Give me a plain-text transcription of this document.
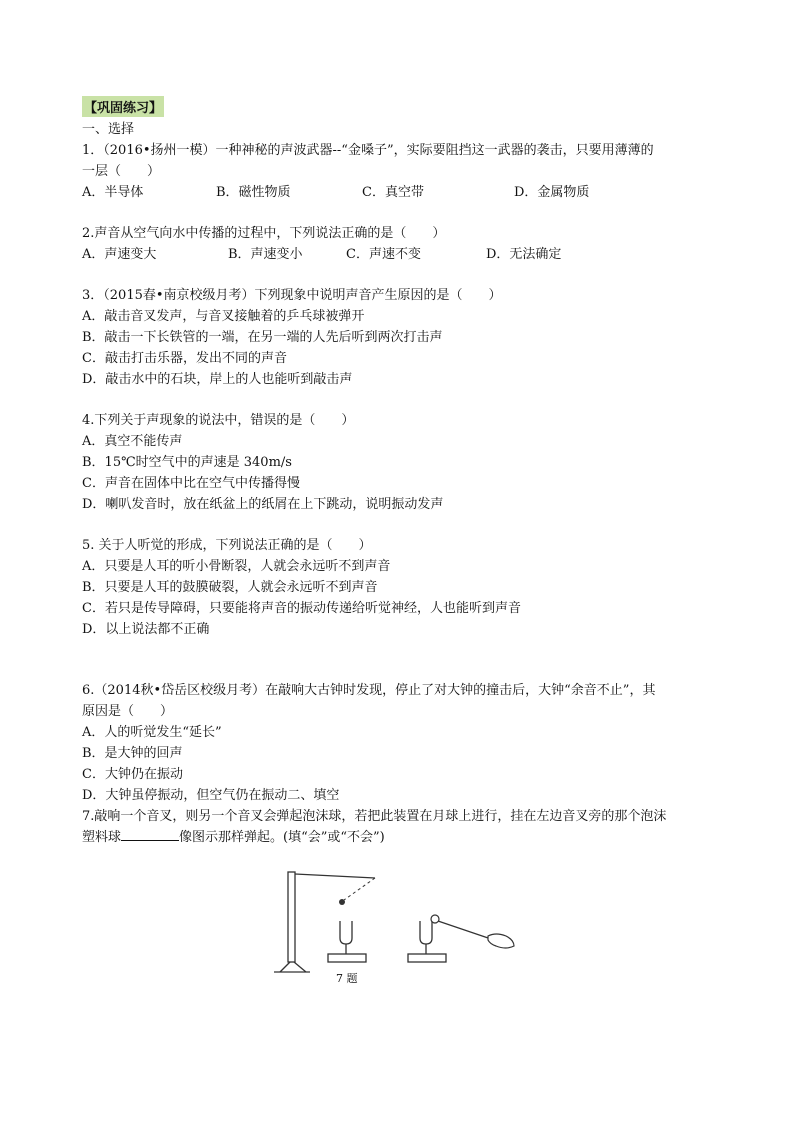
【巩固练习】
一、选择
1．（2016•扬州一模）一种神秘的声波武器--“金嗓子”，实际要阻挡这一武器的袭击，只要用薄薄的
一层（　　）
A．半导体	B．磁性物质	C．真空带	D．金属物质
2.声音从空气向水中传播的过程中，下列说法正确的是（　　）
A．声速变大	B．声速变小	C．声速不变	D．无法确定
3．（2015春•南京校级月考）下列现象中说明声音产生原因的是（　　）
A．敲击音叉发声，与音叉接触着的乒乓球被弹开
B．敲击一下长铁管的一端，在另一端的人先后听到两次打击声
C．敲击打击乐器，发出不同的声音
D．敲击水中的石块，岸上的人也能听到敲击声
4.下列关于声现象的说法中，错误的是（　　）
A．真空不能传声
B．15℃时空气中的声速是 340m/s
C．声音在固体中比在空气中传播得慢
D．喇叭发音时，放在纸盆上的纸屑在上下跳动，说明振动发声
5. 关于人听觉的形成，下列说法正确的是（　　）
A．只要是人耳的听小骨断裂，人就会永远听不到声音
B．只要是人耳的鼓膜破裂，人就会永远听不到声音
C．若只是传导障碍，只要能将声音的振动传递给听觉神经，人也能听到声音
D．以上说法都不正确
6.（2014秋•岱岳区校级月考）在敲响大古钟时发现，停止了对大钟的撞击后，大钟“余音不止”，其
原因是（　　）
A．人的听觉发生“延长”
B．是大钟的回声
C．大钟仍在振动
D．大钟虽停振动，但空气仍在振动二、填空
7.敲响一个音叉，则另一个音叉会弹起泡沫球，若把此装置在月球上进行，挂在左边音叉旁的那个泡沫
塑料球	像图示那样弹起。(填“会”或“不会”)
7 题
